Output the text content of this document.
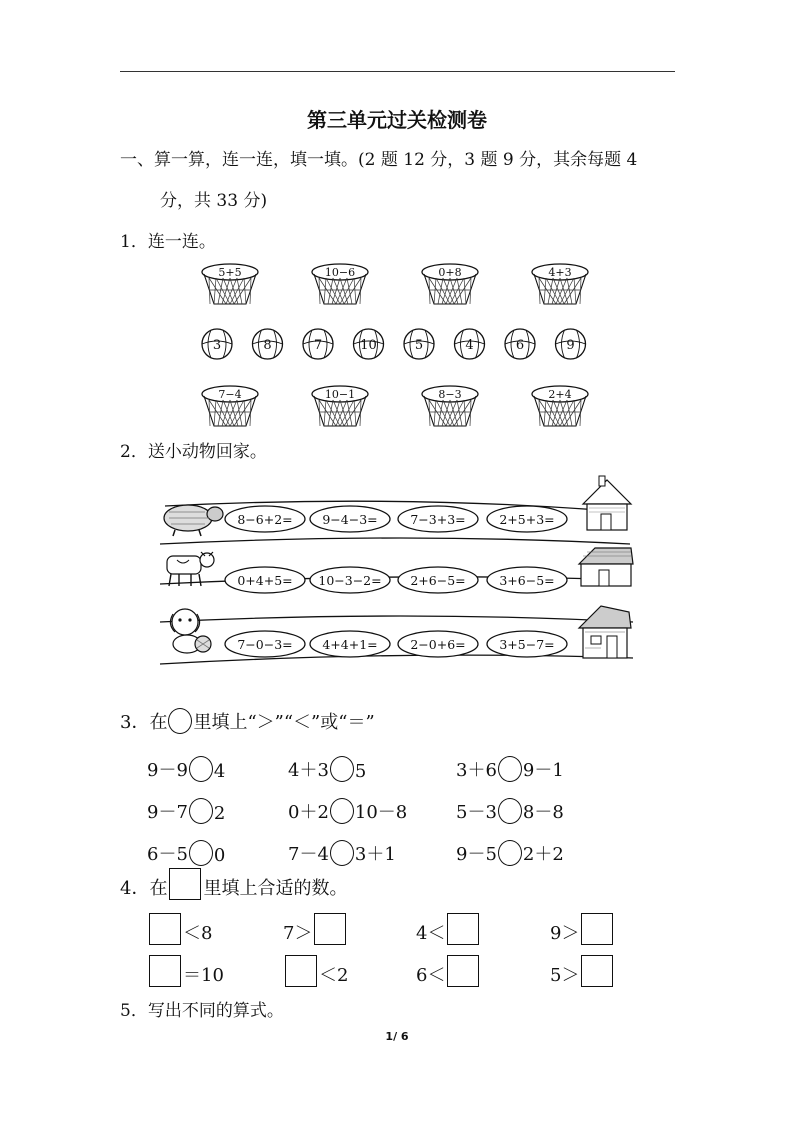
第三单元过关检测卷
一、算一算，连一连，填一填。(2 题 12 分，3 题 9 分，其余每题 4
分，共 33 分)
1．连一连。
5+5	10−6	0+8	4+3
3	8	7	10	5	4	6	9
7−4	10−1	8−3	2+4
2．送小动物回家。
8−6+2= 9−4−3=	7−3+3=	2+5+3=
0+4+5= 10−3−2= 2+6−5=	3+6−5=
7−0−3= 4+4+1=	2−0+6=	3+5−7=
3．在 里填上“＞”“＜”或“＝”
9－9 4	4＋3 5	3＋6 9－1
9－7 2	0＋2 10－8	5－3 8－8
6－5 0	7－4 3＋1	9－5 2＋2
4．在 里填上合适的数。
＜8	7＞	4＜	9＞
＝10	＜2	6＜	5＞
5．写出不同的算式。
1/ 6
